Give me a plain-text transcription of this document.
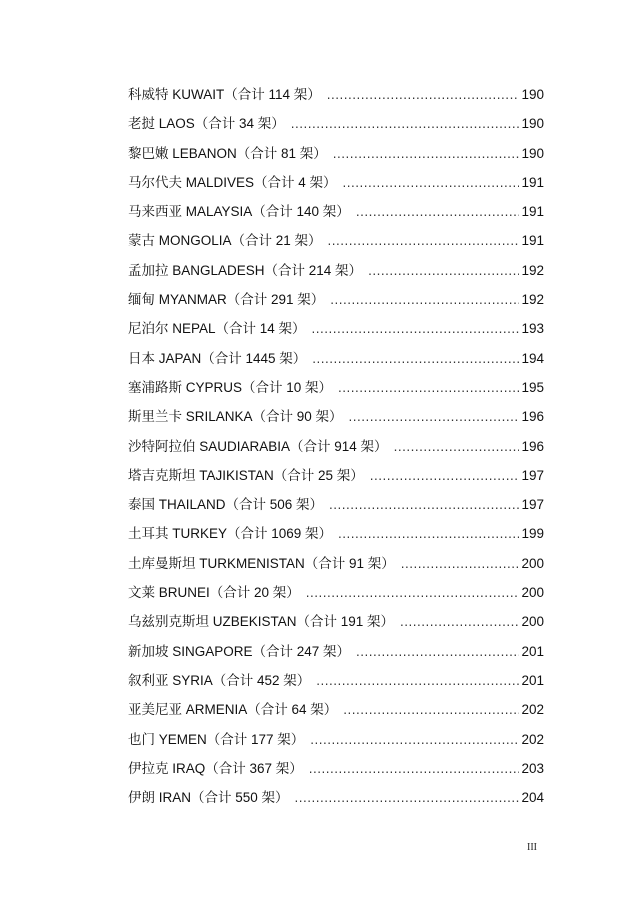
科威特 KUWAIT（合计 114 架） .....	190
老挝 LAOS（合计 34 架） .....	190
黎巴嫩 LEBANON（合计 81 架） .....	190
马尔代夫 MALDIVES（合计 4 架） .....	191
马来西亚 MALAYSIA（合计 140 架） .....	191
蒙古 MONGOLIA（合计 21 架） .....	191
孟加拉 BANGLADESH（合计 214 架） .....	192
缅甸 MYANMAR（合计 291 架） .....	192
尼泊尔 NEPAL（合计 14 架） .....	193
日本 JAPAN（合计 1445 架） .....	194
塞浦路斯 CYPRUS（合计 10 架） .....	195
斯里兰卡 SRILANKA（合计 90 架） .....	196
沙特阿拉伯 SAUDIARABIA（合计 914 架） .....	196
塔吉克斯坦 TAJIKISTAN（合计 25 架） .....	197
泰国 THAILAND（合计 506 架） .....	197
土耳其 TURKEY（合计 1069 架） .....	199
土库曼斯坦 TURKMENISTAN（合计 91 架） .....	200
文莱 BRUNEI（合计 20 架） .....	200
乌兹别克斯坦 UZBEKISTAN（合计 191 架） .....	200
新加坡 SINGAPORE（合计 247 架） .....	201
叙利亚 SYRIA（合计 452 架） .....	201
亚美尼亚 ARMENIA（合计 64 架） .....	202
也门 YEMEN（合计 177 架） .....	202
伊拉克 IRAQ（合计 367 架） .....	203
伊朗 IRAN（合计 550 架） .....	204
III
